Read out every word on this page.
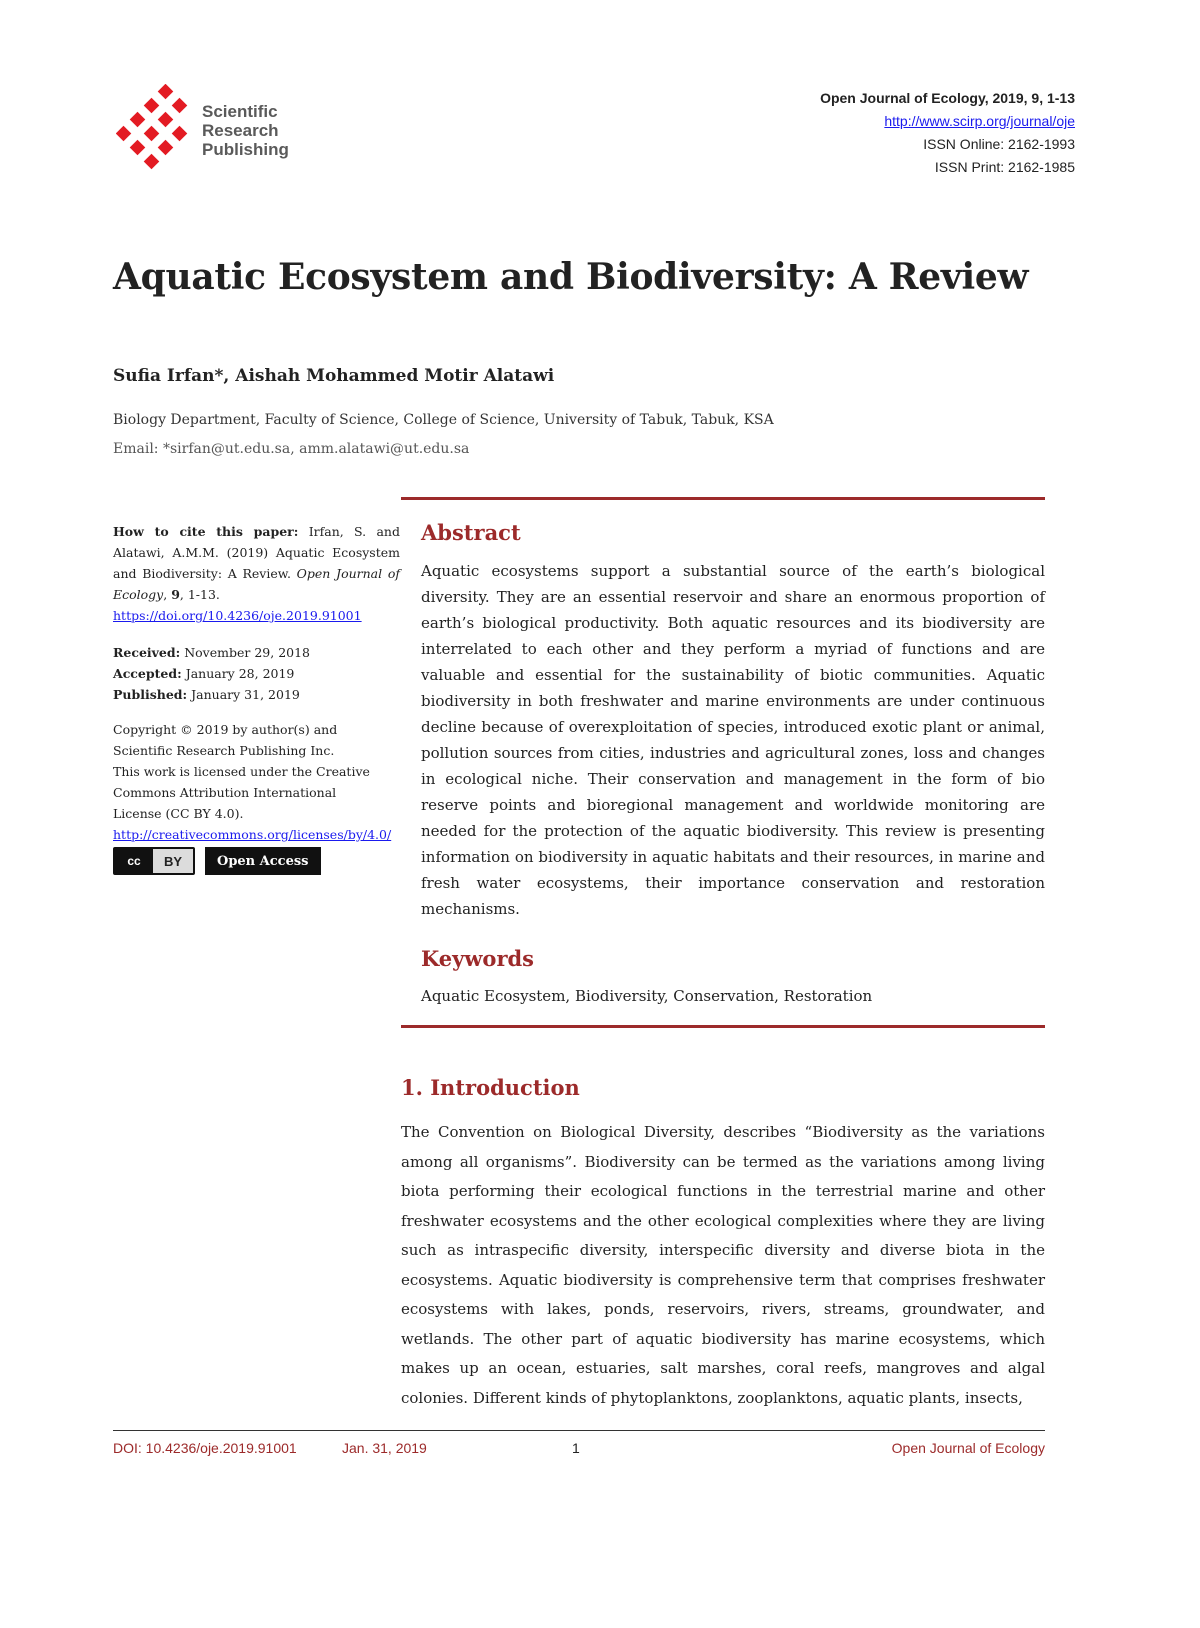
Scientific
Research
Publishing
Open Journal of Ecology, 2019, 9, 1-13
http://www.scirp.org/journal/oje
ISSN Online: 2162-1993
ISSN Print: 2162-1985
Aquatic Ecosystem and Biodiversity: A Review
Sufia Irfan*, Aishah Mohammed Motir Alatawi
Biology Department, Faculty of Science, College of Science, University of Tabuk, Tabuk, KSA
Email: *sirfan@ut.edu.sa, amm.alatawi@ut.edu.sa
How to cite this paper: Irfan, S. and Alatawi, A.M.M. (2019) Aquatic Ecosystem and Biodiversity: A Review. Open Journal of Ecology, 9, 1-13.
https://doi.org/10.4236/oje.2019.91001
Received: November 29, 2018
Accepted: January 28, 2019
Published: January 31, 2019
Copyright © 2019 by author(s) and
Scientific Research Publishing Inc.
This work is licensed under the Creative
Commons Attribution International
License (CC BY 4.0).
http://creativecommons.org/licenses/by/4.0/
cc	BY	Open Access
Abstract
Aquatic ecosystems support a substantial source of the earth’s biological diversity. They are an essential reservoir and share an enormous proportion of earth’s biological productivity. Both aquatic resources and its biodiversity are interrelated to each other and they perform a myriad of functions and are valuable and essential for the sustainability of biotic communities. Aquatic biodiversity in both freshwater and marine environments are under continuous decline because of overexploitation of species, introduced exotic plant or animal, pollution sources from cities, industries and agricultural zones, loss and changes in ecological niche. Their conservation and management in the form of bio reserve points and bioregional management and worldwide monitoring are needed for the protection of the aquatic biodiversity. This review is presenting information on biodiversity in aquatic habitats and their resources, in marine and fresh water ecosystems, their importance conservation and restoration mechanisms.
Keywords
Aquatic Ecosystem, Biodiversity, Conservation, Restoration
1. Introduction
The Convention on Biological Diversity, describes “Biodiversity as the variations among all organisms”. Biodiversity can be termed as the variations among living biota performing their ecological functions in the terrestrial marine and other freshwater ecosystems and the other ecological complexities where they are living such as intraspecific diversity, interspecific diversity and diverse biota in the ecosystems. Aquatic biodiversity is comprehensive term that comprises freshwater ecosystems with lakes, ponds, reservoirs, rivers, streams, groundwater, and wetlands. The other part of aquatic biodiversity has marine ecosystems, which makes up an ocean, estuaries, salt marshes, coral reefs, mangroves and algal colonies. Different kinds of phytoplanktons, zooplanktons, aquatic plants, insects,
DOI: 10.4236/oje.2019.91001	Jan. 31, 2019	1	Open Journal of Ecology
